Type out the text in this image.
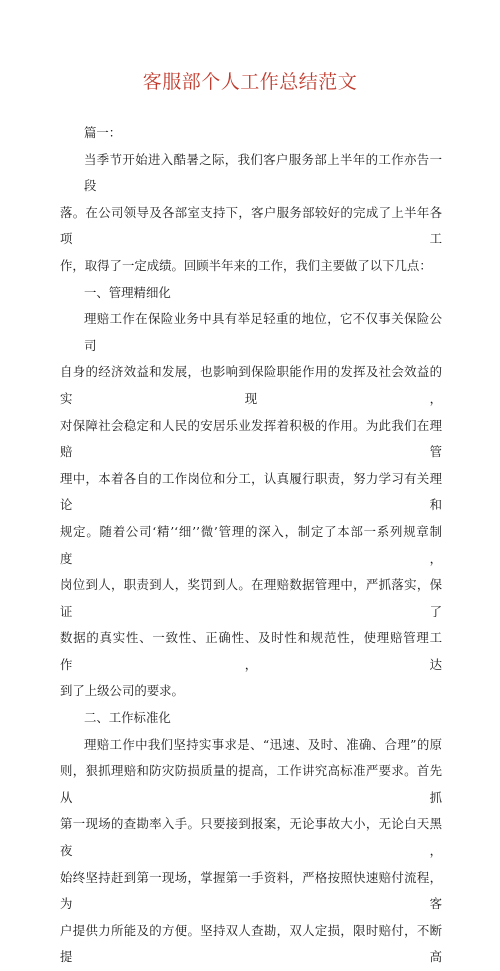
客服部个人工作总结范文
篇一：
当季节开始进入酷暑之际，我们客户服务部上半年的工作亦告一段
落。在公司领导及各部室支持下，客户服务部较好的完成了上半年各项工
作，取得了一定成绩。回顾半年来的工作，我们主要做了以下几点：
一、管理精细化
理赔工作在保险业务中具有举足轻重的地位，它不仅事关保险公司
自身的经济效益和发展，也影响到保险职能作用的发挥及社会效益的实现，
对保障社会稳定和人民的安居乐业发挥着积极的作用。为此我们在理赔管
理中，本着各自的工作岗位和分工，认真履行职责，努力学习有关理论和
规定。随着公司‘精’‘细’’微’管理的深入，制定了本部一系列规章制度，
岗位到人，职责到人，奖罚到人。在理赔数据管理中，严抓落实，保证了
数据的真实性、一致性、正确性、及时性和规范性，使理赔管理工作，达
到了上级公司的要求。
二、工作标准化
理赔工作中我们坚持实事求是、“迅速、及时、准确、合理”的原
则，狠抓理赔和防灾防损质量的提高，工作讲究高标准严要求。首先从抓
第一现场的查勘率入手。只要接到报案，无论事故大小，无论白天黑夜，
始终坚持赶到第一现场，掌握第一手资料，严格按照快速赔付流程，为客
户提供力所能及的方便。坚持双人查勘，双人定损，限时赔付，不断提高
